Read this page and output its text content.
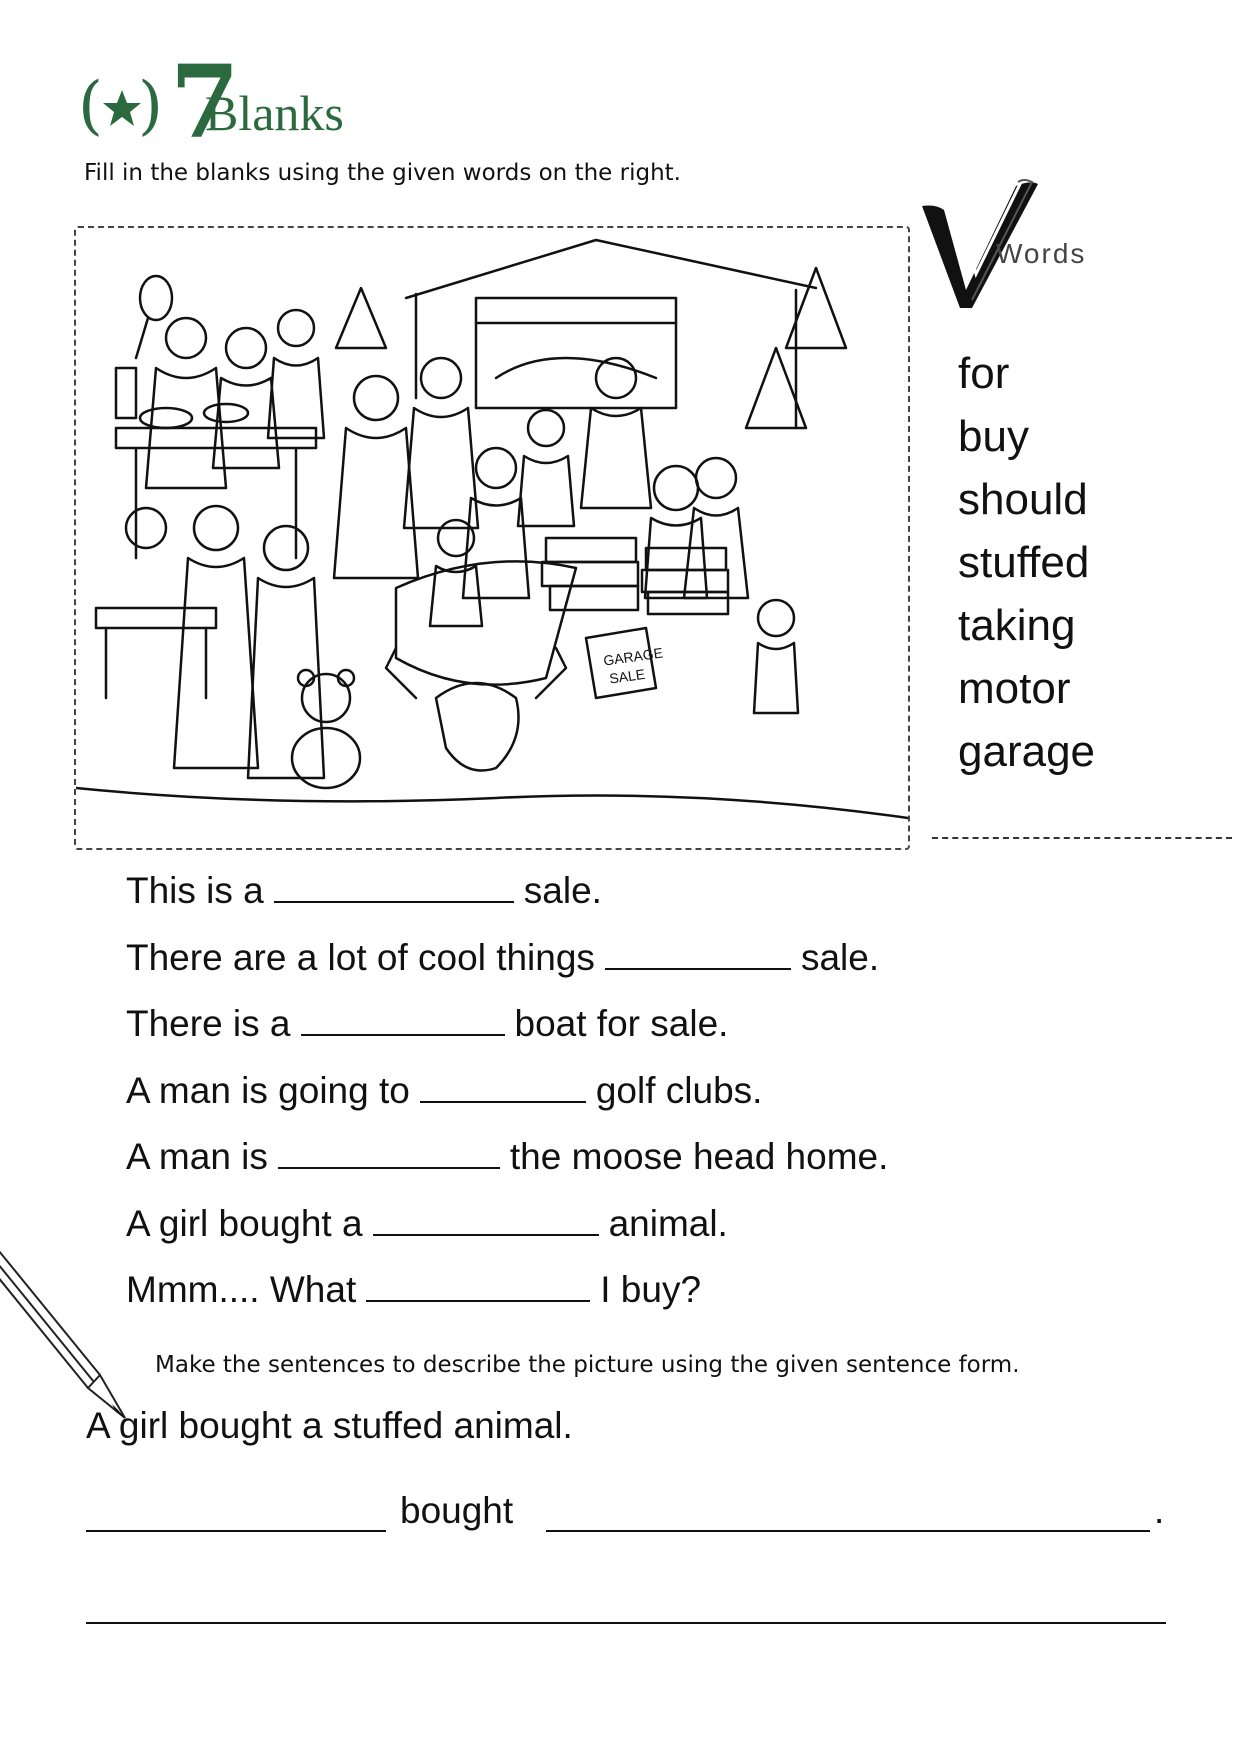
( ) 7
Blanks
Fill in the blanks using the given words on the right.
GARAGE
SALE
Words
for
buy
should
stuffed
taking
motor
garage
This is a	sale.
There are a lot of cool things	sale.
There is a	boat for sale.
A man is going to	golf clubs.
A man is	the moose head home.
A girl bought a	animal.
Mmm.... What	I buy?
Make the sentences to describe the picture using the given sentence form.
A girl bought a stuffed animal.
bought	.
